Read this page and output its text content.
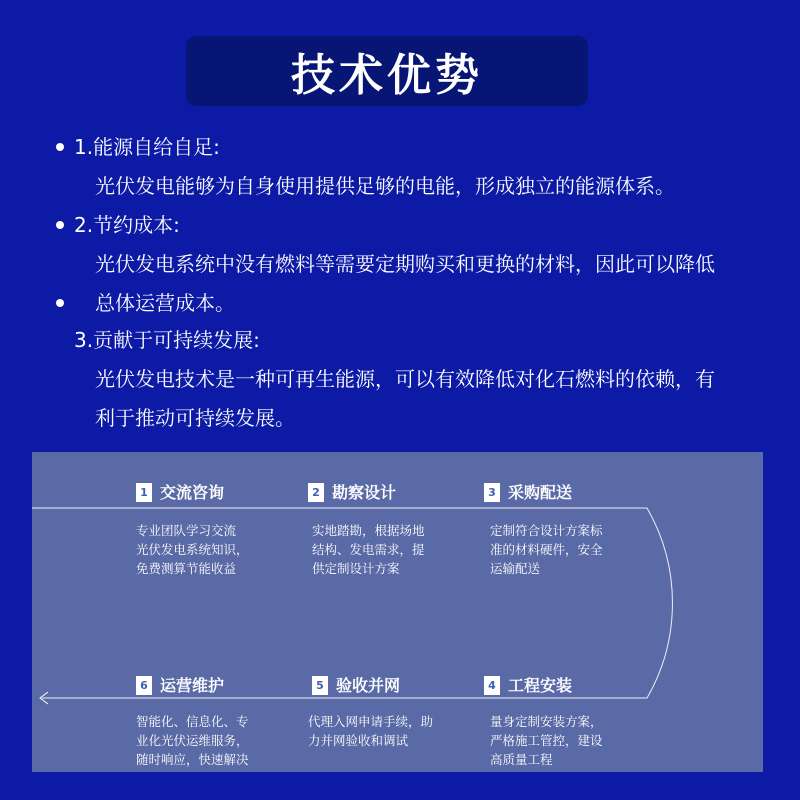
技术优势
1.能源自给自足:
光伏发电能够为自身使用提供足够的电能，形成独立的能源体系。
2.节约成本:
光伏发电系统中没有燃料等需要定期购买和更换的材料，因此可以降低
总体运营成本。
3.贡献于可持续发展:
光伏发电技术是一种可再生能源，可以有效降低对化石燃料的依赖，有
利于推动可持续发展。
1 交流咨询
专业团队学习交流
光伏发电系统知识，
免费测算节能收益
2 勘察设计
实地踏勘，根据场地
结构、发电需求，提
供定制设计方案
3 采购配送
定制符合设计方案标
准的材料硬件，安全
运输配送
4 工程安装
量身定制安装方案，
严格施工管控，建设
高质量工程
5 验收并网
代理入网申请手续，助
力并网验收和调试
6 运营维护
智能化、信息化、专
业化光伏运维服务，
随时响应，快速解决
